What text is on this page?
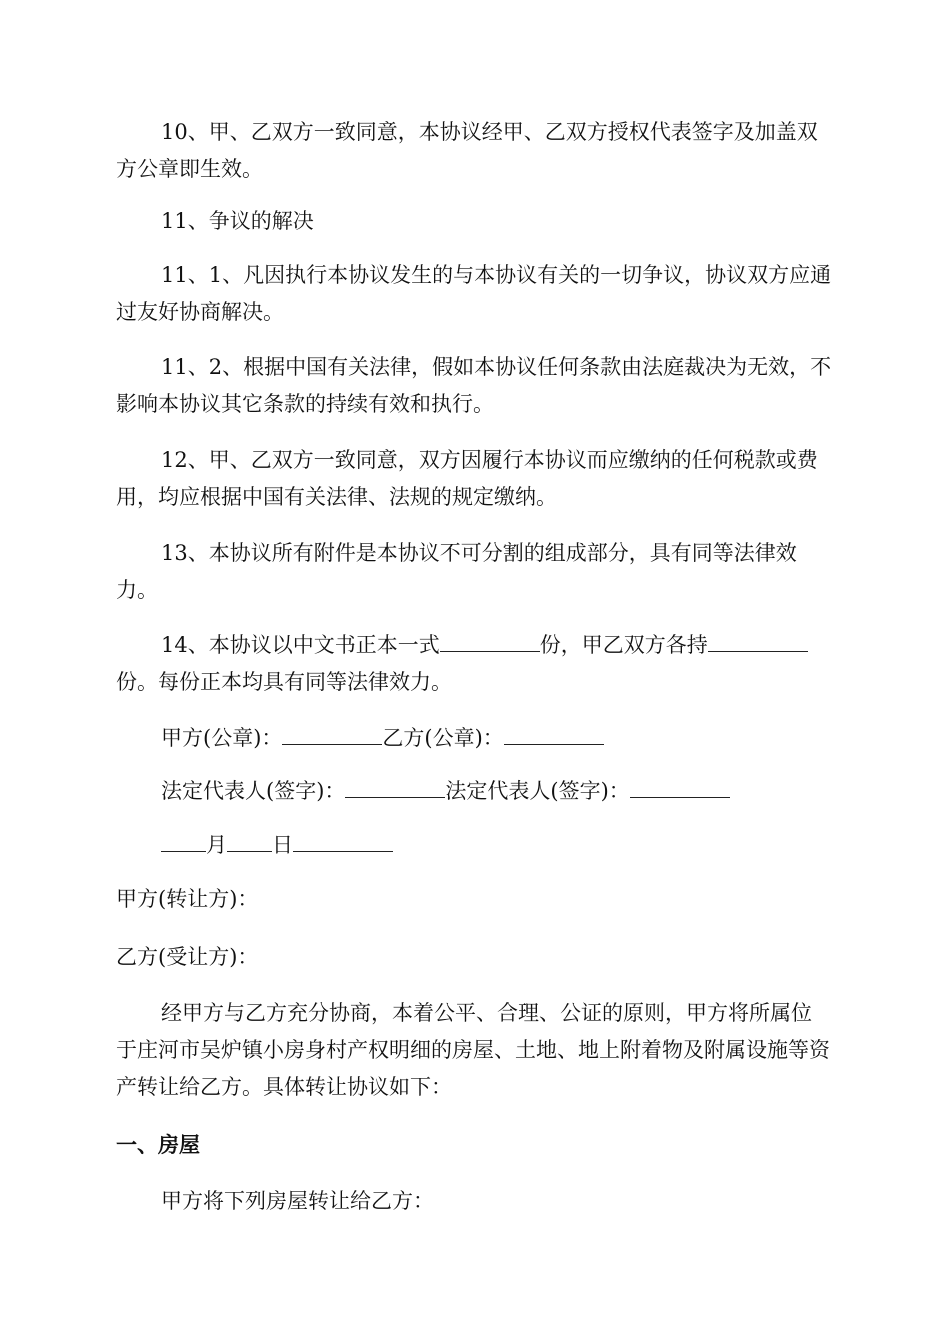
10、甲、乙双方一致同意，本协议经甲、乙双方授权代表签字及加盖双方公章即生效。

11、争议的解决

11、1、凡因执行本协议发生的与本协议有关的一切争议，协议双方应通过友好协商解决。

11、2、根据中国有关法律，假如本协议任何条款由法庭裁决为无效，不影响本协议其它条款的持续有效和执行。

12、甲、乙双方一致同意，双方因履行本协议而应缴纳的任何税款或费用，均应根据中国有关法律、法规的规定缴纳。

13、本协议所有附件是本协议不可分割的组成部分，具有同等法律效力。

14、本协议以中文书正本一式	份，甲乙双方各持份。每份正本均具有同等法律效力。

甲方(公章)：	乙方(公章)：
法定代表人(签字)：	法定代表人(签字)：
月 日
甲方(转让方)：
乙方(受让方)：

经甲方与乙方充分协商，本着公平、合理、公证的原则，甲方将所属位于庄河市吴炉镇小房身村产权明细的房屋、土地、地上附着物及附属设施等资产转让给乙方。具体转让协议如下：

一、房屋

甲方将下列房屋转让给乙方：
